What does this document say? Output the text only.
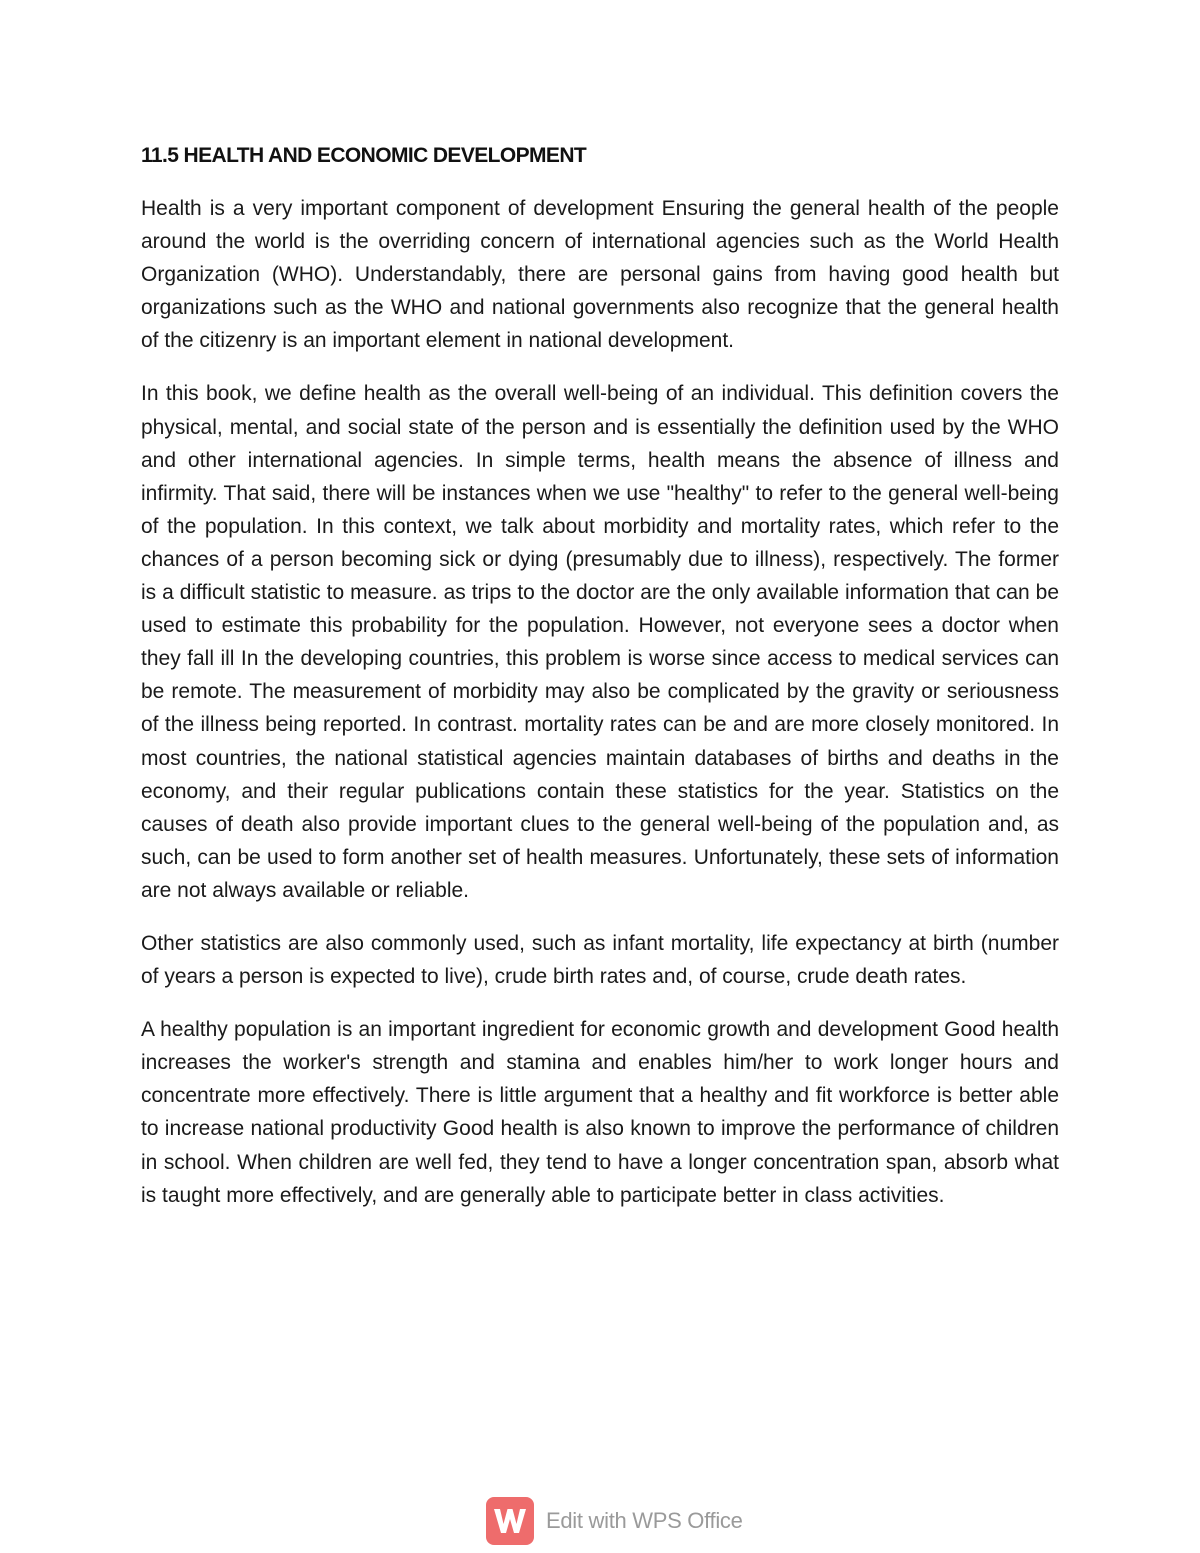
11.5 HEALTH AND ECONOMIC DEVELOPMENT

Health is a very important component of development Ensuring the general health of the people around the world is the overriding concern of international agencies such as the World Health Organization (WHO). Understandably, there are personal gains from having good health but organizations such as the WHO and national governments also recognize that the general health of the citizenry is an important element in national development.

In this book, we define health as the overall well-being of an individual. This definition covers the physical, mental, and social state of the person and is essentially the definition used by the WHO and other international agencies. In simple terms, health means the absence of illness and infirmity. That said, there will be instances when we use "healthy" to refer to the general well-being of the population. In this context, we talk about morbidity and mortality rates, which refer to the chances of a person becoming sick or dying (presumably due to illness), respectively. The former is a difficult statistic to measure. as trips to the doctor are the only available information that can be used to estimate this probability for the population. However, not everyone sees a doctor when they fall ill In the developing countries, this problem is worse since access to medical services can be remote. The measurement of morbidity may also be complicated by the gravity or seriousness of the illness being reported. In contrast. mortality rates can be and are more closely monitored. In most countries, the national statistical agencies maintain databases of births and deaths in the economy, and their regular publications contain these statistics for the year. Statistics on the causes of death also provide important clues to the general well-being of the population and, as such, can be used to form another set of health measures. Unfortunately, these sets of information are not always available or reliable.

Other statistics are also commonly used, such as infant mortality, life expectancy at birth (number of years a person is expected to live), crude birth rates and, of course, crude death rates.

A healthy population is an important ingredient for economic growth and development Good health increases the worker's strength and stamina and enables him/her to work longer hours and concentrate more effectively. There is little argument that a healthy and fit workforce is better able to increase national productivity Good health is also known to improve the performance of children in school. When children are well fed, they tend to have a longer concentration span, absorb what is taught more effectively, and are generally able to participate better in class activities.

Edit with WPS Office
